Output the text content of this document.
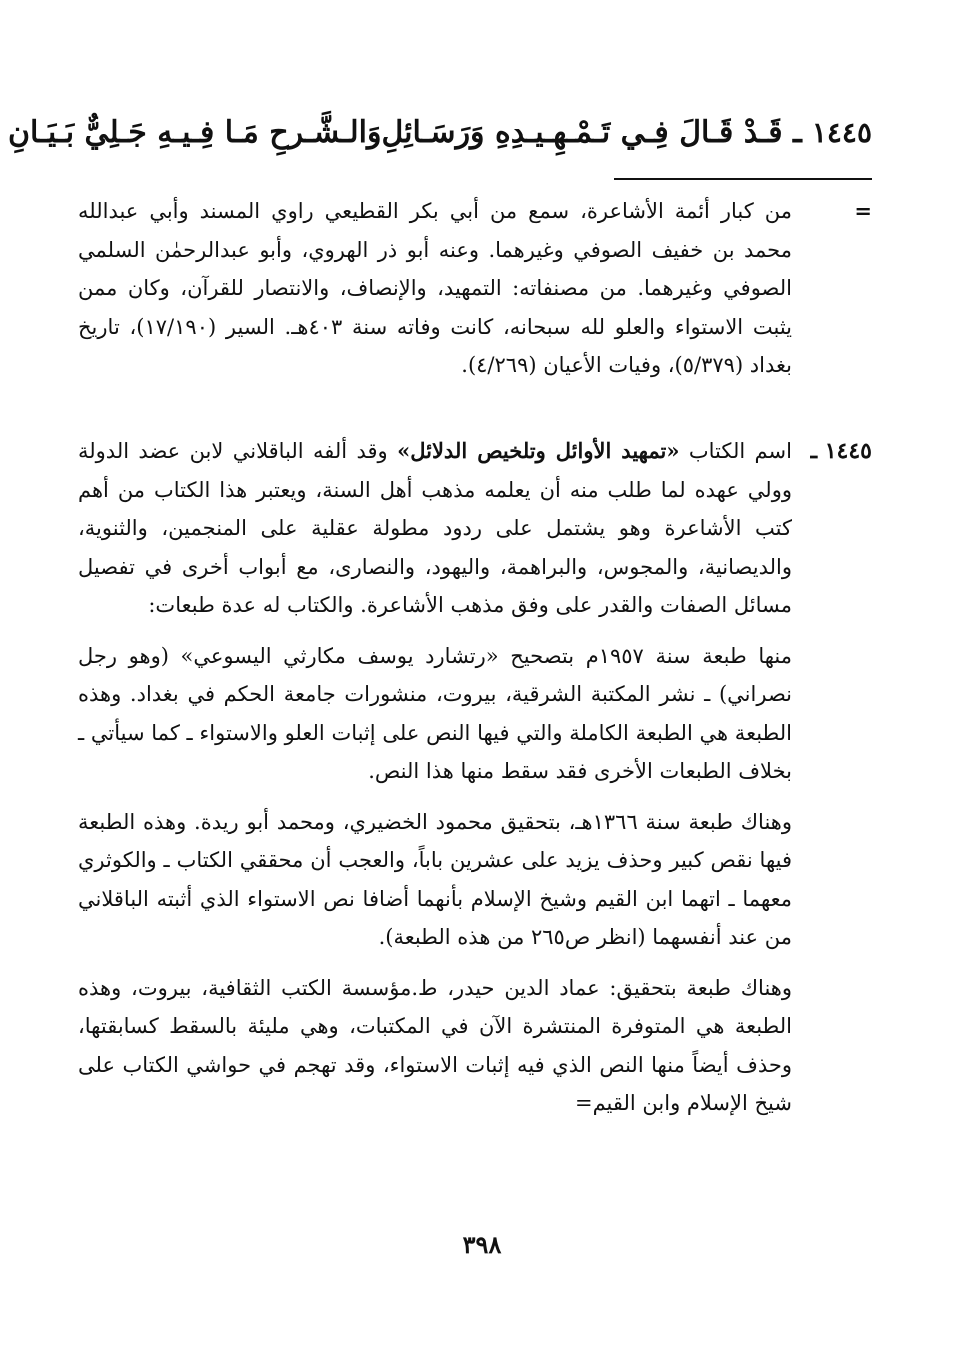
١٤٤٥ـ قَـدْ قَـالَ فِـي تَـمْـهِـيـدِهِ وَرَسَـائِلِ
وَالـشَّـرحِ مَـا فِـيـهِ جَـلِيٌّ بَـيَـانِ
=

من كبار أئمة الأشاعرة، سمع من أبي بكر القطيعي راوي المسند وأبي عبدالله محمد بن خفيف الصوفي وغيرهما. وعنه أبو ذر الهروي، وأبو عبدالرحمٰن السلمي الصوفي وغيرهما. من مصنفاته: التمهيد، والإنصاف، والانتصار للقرآن، وكان ممن يثبت الاستواء والعلو لله سبحانه، كانت وفاته سنة ٤٠٣هـ. السير (١٧/١٩٠)، تاريخ بغداد (٥/٣٧٩)، وفيات الأعيان (٤/٢٦٩).

١٤٤٥ ـ

اسم الكتاب «تمهيد الأوائل وتلخيص الدلائل» وقد ألفه الباقلاني لابن عضد الدولة وولي عهده لما طلب منه أن يعلمه مذهب أهل السنة، ويعتبر هذا الكتاب من أهم كتب الأشاعرة وهو يشتمل على ردود مطولة عقلية على المنجمين، والثنوية، والديصانية، والمجوس، والبراهمة، واليهود، والنصارى، مع أبواب أخرى في تفصيل مسائل الصفات والقدر على وفق مذهب الأشاعرة. والكتاب له عدة طبعات:

منها طبعة سنة ١٩٥٧م بتصحيح «رتشارد يوسف مكارثي اليسوعي» (وهو رجل نصراني) ـ نشر المكتبة الشرقية، بيروت، منشورات جامعة الحكم في بغداد. وهذه الطبعة هي الطبعة الكاملة والتي فيها النص على إثبات العلو والاستواء ـ كما سيأتي ـ بخلاف الطبعات الأخرى فقد سقط منها هذا النص.

وهناك طبعة سنة ١٣٦٦هـ، بتحقيق محمود الخضيري، ومحمد أبو ريدة. وهذه الطبعة فيها نقص كبير وحذف يزيد على عشرين باباً، والعجب أن محققي الكتاب ـ والكوثري معهما ـ اتهما ابن القيم وشيخ الإسلام بأنهما أضافا نص الاستواء الذي أثبته الباقلاني من عند أنفسهما (انظر ص٢٦٥ من هذه الطبعة).

وهناك طبعة بتحقيق: عماد الدين حيدر، ط.مؤسسة الكتب الثقافية، بيروت، وهذه الطبعة هي المتوفرة المنتشرة الآن في المكتبات، وهي مليئة بالسقط كسابقتها، وحذف أيضاً منها النص الذي فيه إثبات الاستواء، وقد تهجم في حواشي الكتاب على شيخ الإسلام وابن القيم=

٣٩٨
